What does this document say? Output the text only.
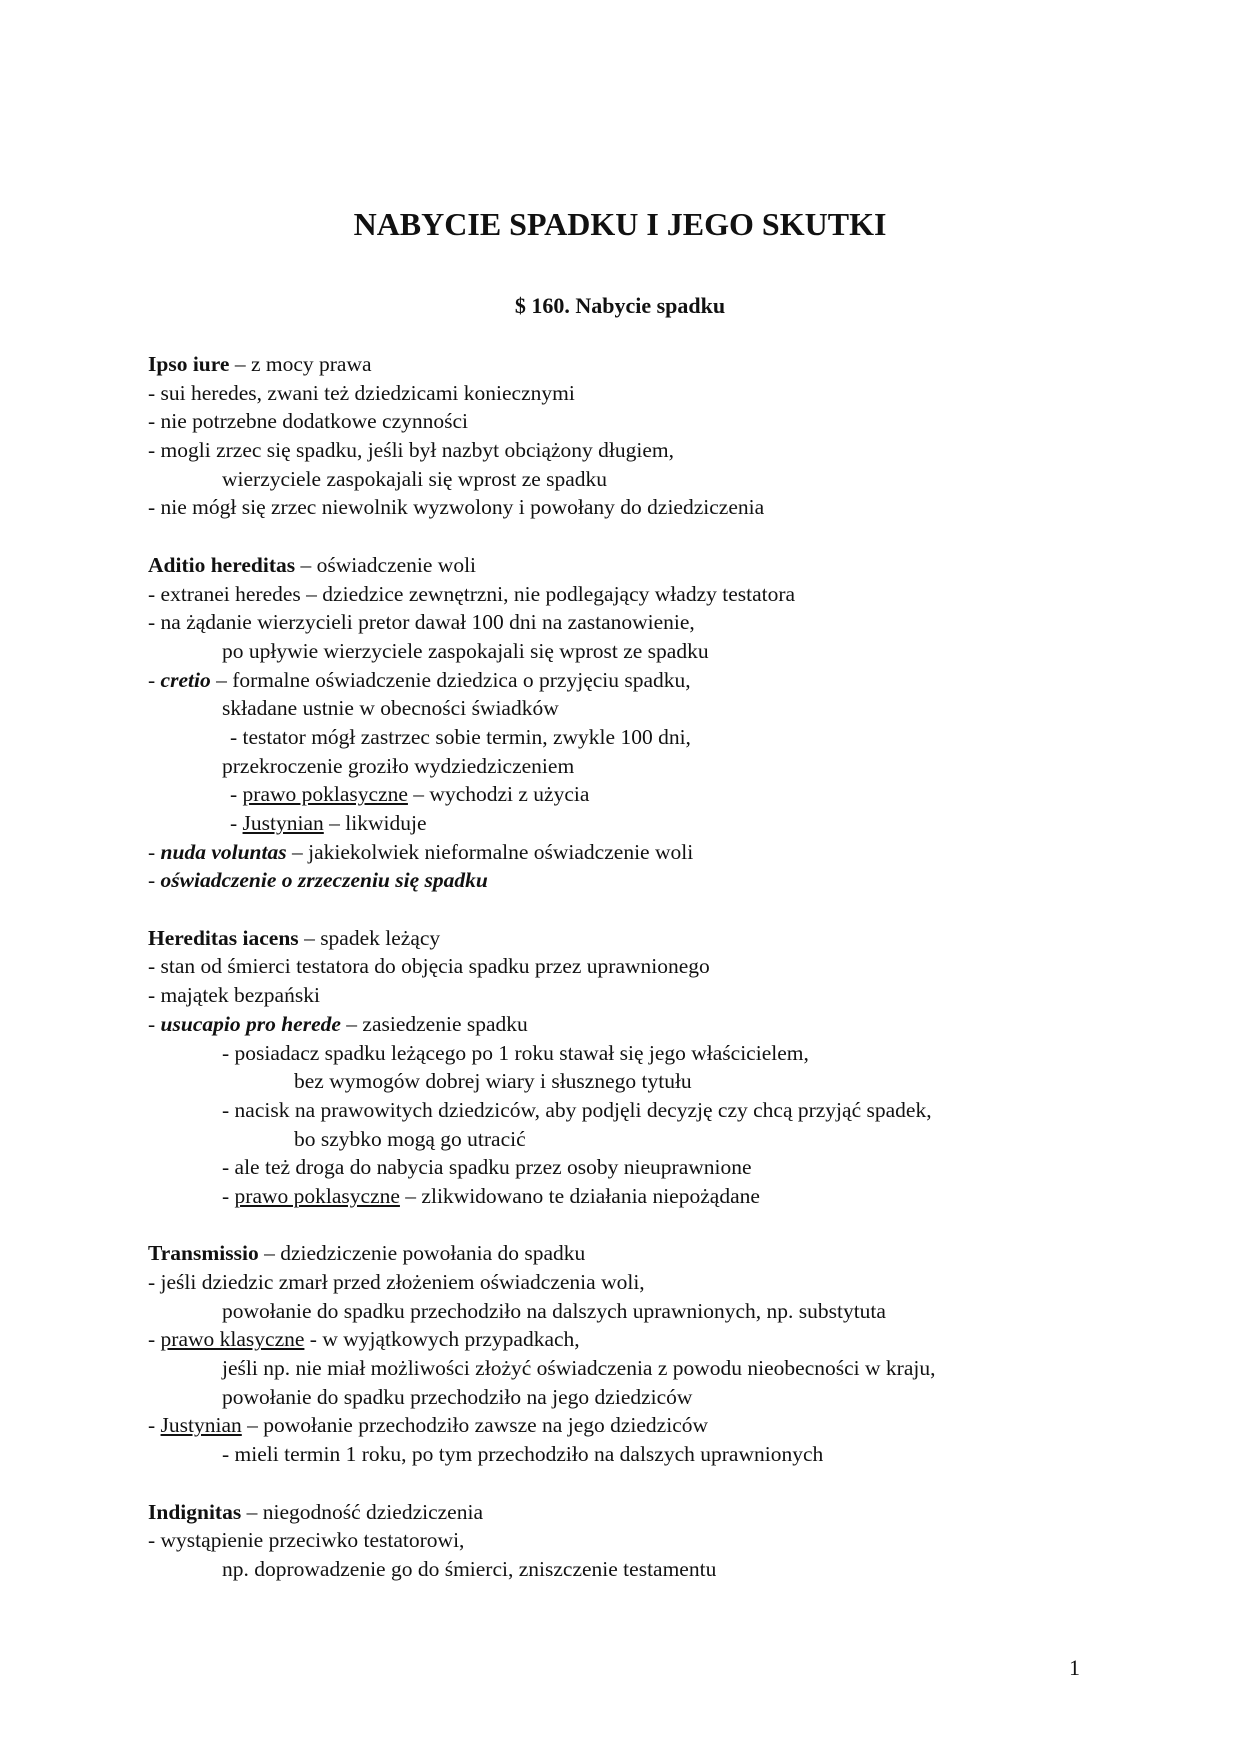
NABYCIE SPADKU I JEGO SKUTKI
$ 160. Nabycie spadku
Ipso iure – z mocy prawa
- sui heredes, zwani też dziedzicami koniecznymi
- nie potrzebne dodatkowe czynności
- mogli zrzec się spadku, jeśli był nazbyt obciążony długiem,
wierzyciele zaspokajali się wprost ze spadku
- nie mógł się zrzec niewolnik wyzwolony i powołany do dziedziczenia
Aditio hereditas – oświadczenie woli
- extranei heredes – dziedzice zewnętrzni, nie podlegający władzy testatora
- na żądanie wierzycieli pretor dawał 100 dni na zastanowienie,
po upływie wierzyciele zaspokajali się wprost ze spadku
- cretio – formalne oświadczenie dziedzica o przyjęciu spadku,
składane ustnie w obecności świadków
- testator mógł zastrzec sobie termin, zwykle 100 dni,
przekroczenie groziło wydziedziczeniem
- prawo poklasyczne – wychodzi z użycia
- Justynian – likwiduje
- nuda voluntas – jakiekolwiek nieformalne oświadczenie woli
- oświadczenie o zrzeczeniu się spadku
Hereditas iacens – spadek leżący
- stan od śmierci testatora do objęcia spadku przez uprawnionego
- majątek bezpański
- usucapio pro herede – zasiedzenie spadku
- posiadacz spadku leżącego po 1 roku stawał się jego właścicielem,
bez wymogów dobrej wiary i słusznego tytułu
- nacisk na prawowitych dziedziców, aby podjęli decyzję czy chcą przyjąć spadek,
bo szybko mogą go utracić
- ale też droga do nabycia spadku przez osoby nieuprawnione
- prawo poklasyczne – zlikwidowano te działania niepożądane
Transmissio – dziedziczenie powołania do spadku
- jeśli dziedzic zmarł przed złożeniem oświadczenia woli,
powołanie do spadku przechodziło na dalszych uprawnionych, np. substytuta
- prawo klasyczne - w wyjątkowych przypadkach,
jeśli np. nie miał możliwości złożyć oświadczenia z powodu nieobecności w kraju,
powołanie do spadku przechodziło na jego dziedziców
- Justynian – powołanie przechodziło zawsze na jego dziedziców
- mieli termin 1 roku, po tym przechodziło na dalszych uprawnionych
Indignitas – niegodność dziedziczenia
- wystąpienie przeciwko testatorowi,
np. doprowadzenie go do śmierci, zniszczenie testamentu
1
